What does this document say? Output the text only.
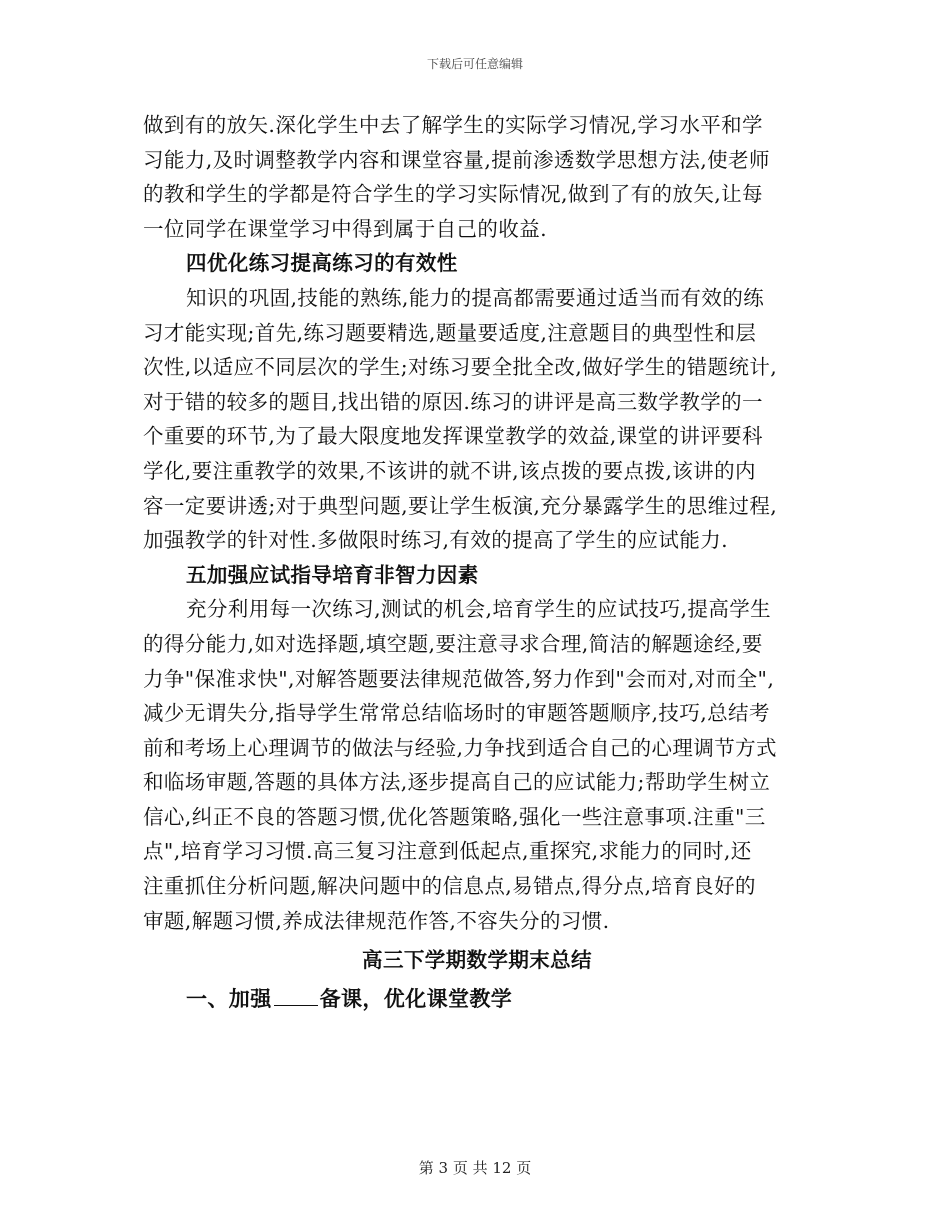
下载后可任意编辑
做到有的放矢.深化学生中去了解学生的实际学习情况,学习水平和学
习能力,及时调整教学内容和课堂容量,提前渗透数学思想方法,使老师
的教和学生的学都是符合学生的学习实际情况,做到了有的放矢,让每
一位同学在课堂学习中得到属于自己的收益.
四优化练习提高练习的有效性
知识的巩固,技能的熟练,能力的提高都需要通过适当而有效的练
习才能实现;首先,练习题要精选,题量要适度,注意题目的典型性和层
次性,以适应不同层次的学生;对练习要全批全改,做好学生的错题统计,
对于错的较多的题目,找出错的原因.练习的讲评是高三数学教学的一
个重要的环节,为了最大限度地发挥课堂教学的效益,课堂的讲评要科
学化,要注重教学的效果,不该讲的就不讲,该点拨的要点拨,该讲的内
容一定要讲透;对于典型问题,要让学生板演,充分暴露学生的思维过程,
加强教学的针对性.多做限时练习,有效的提高了学生的应试能力.
五加强应试指导培育非智力因素
充分利用每一次练习,测试的机会,培育学生的应试技巧,提高学生
的得分能力,如对选择题,填空题,要注意寻求合理,简洁的解题途经,要
力争"保准求快",对解答题要法律规范做答,努力作到"会而对,对而全",
减少无谓失分,指导学生常常总结临场时的审题答题顺序,技巧,总结考
前和考场上心理调节的做法与经验,力争找到适合自己的心理调节方式
和临场审题,答题的具体方法,逐步提高自己的应试能力;帮助学生树立
信心,纠正不良的答题习惯,优化答题策略,强化一些注意事项.注重"三
点",培育学习习惯.高三复习注意到低起点,重探究,求能力的同时,还
注重抓住分析问题,解决问题中的信息点,易错点,得分点,培育良好的
审题,解题习惯,养成法律规范作答,不容失分的习惯.
高三下学期数学期末总结
一、加强 备课，优化课堂教学
第 3 页 共 12 页
